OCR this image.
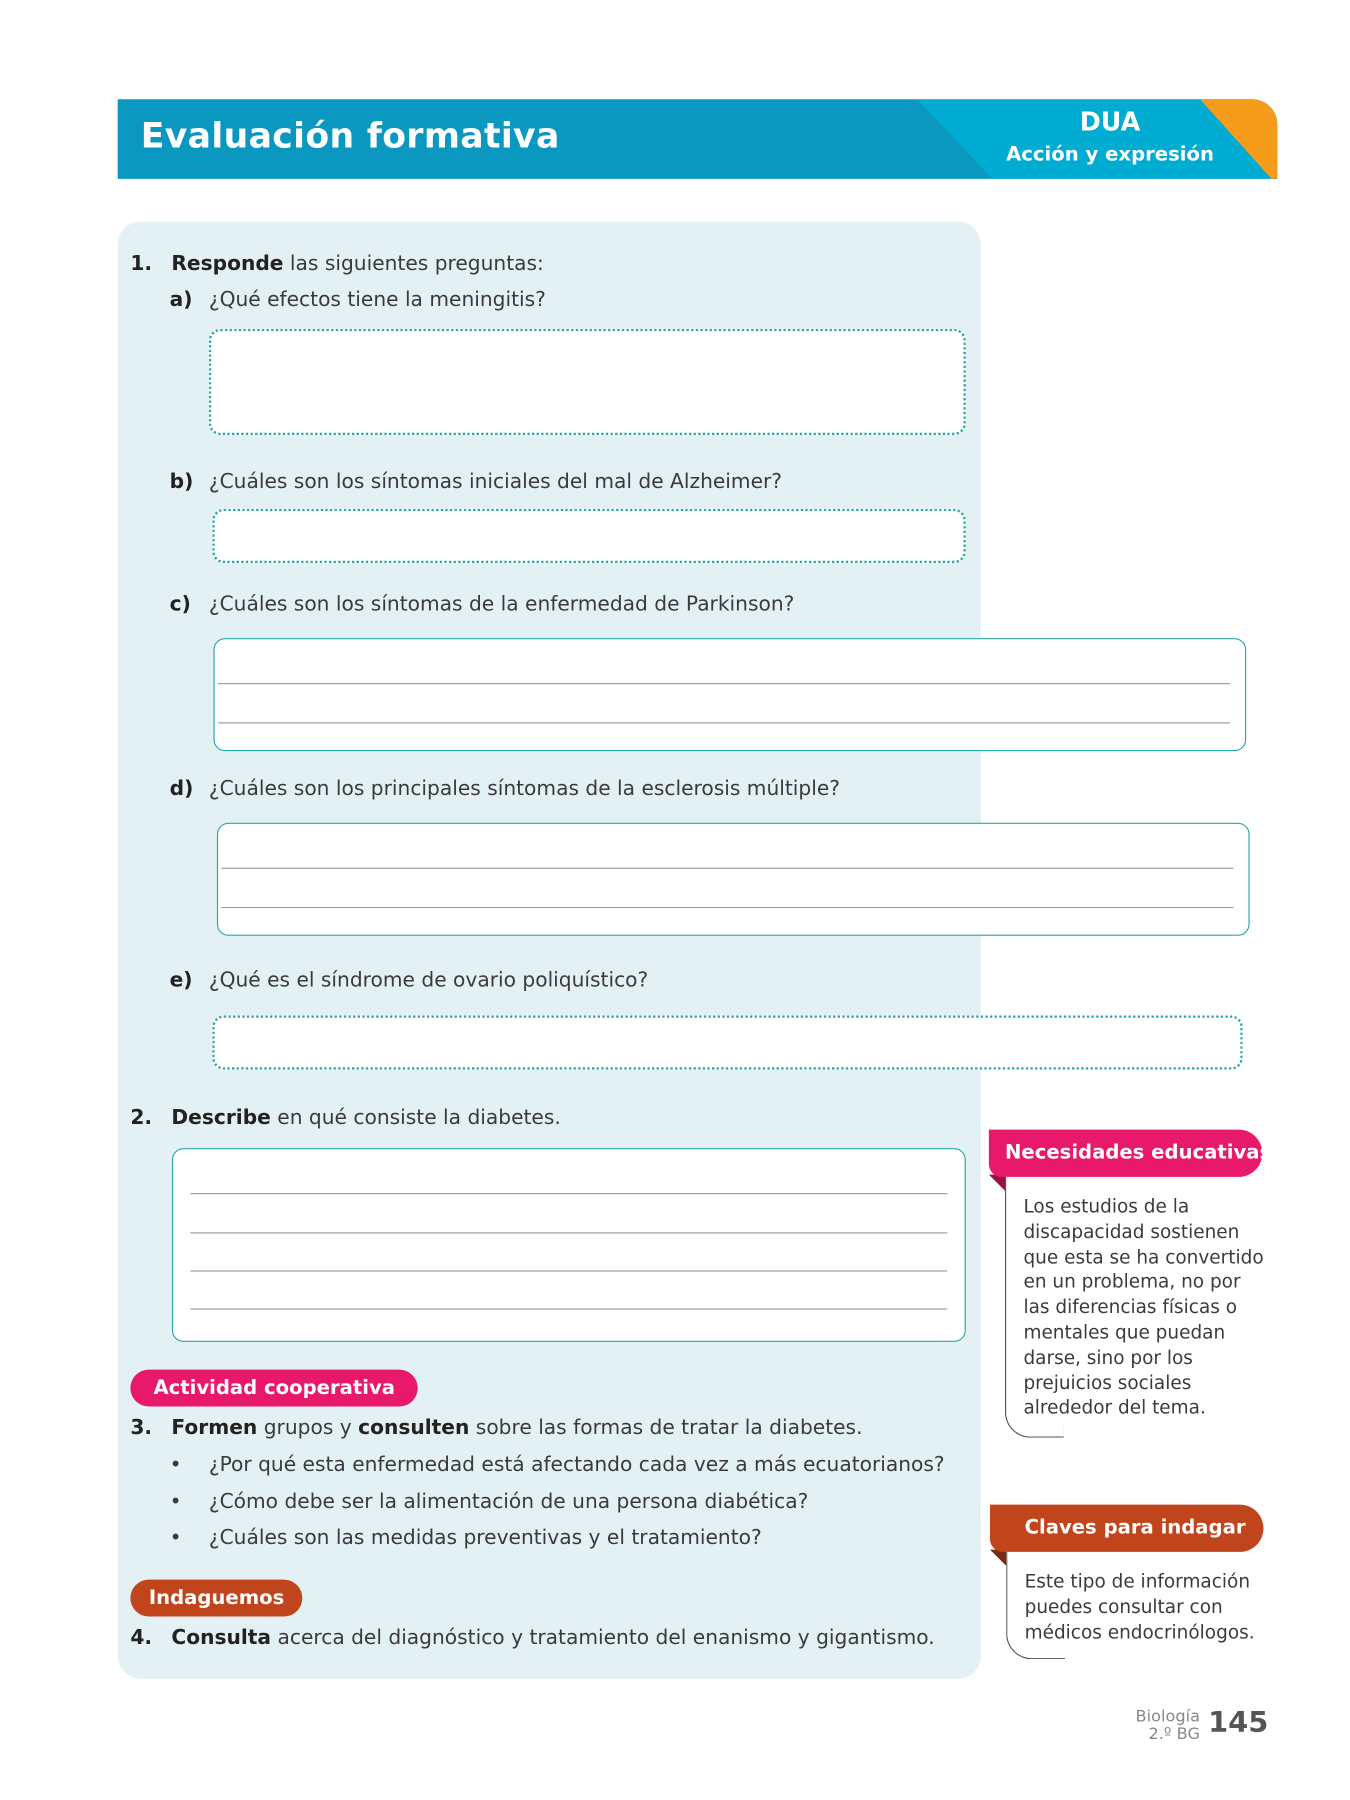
Evaluación formativa	DUA
Acción y expresión
1. Responde las siguientes preguntas:
a) ¿Qué efectos tiene la meningitis?
b) ¿Cuáles son los síntomas iniciales del mal de Alzheimer?
c) ¿Cuáles son los síntomas de la enfermedad de Parkinson?
d) ¿Cuáles son los principales síntomas de la esclerosis múltiple?
e) ¿Qué es el síndrome de ovario poliquístico?
2. Describe en qué consiste la diabetes.
Actividad cooperativa
3. Formen grupos y consulten sobre las formas de tratar la diabetes.
• ¿Por qué esta enfermedad está afectando cada vez a más ecuatorianos?
• ¿Cómo debe ser la alimentación de una persona diabética?
• ¿Cuáles son las medidas preventivas y el tratamiento?
Indaguemos
4. Consulta acerca del diagnóstico y tratamiento del enanismo y gigantismo.
Necesidades educativas
Los estudios de la
discapacidad sostienen
que esta se ha convertido
en un problema, no por
las diferencias físicas o
mentales que puedan
darse, sino por los
prejuicios sociales
alrededor del tema.
Claves para indagar
Este tipo de información
puedes consultar con
médicos endocrinólogos.
Biología
2.º BG 145
